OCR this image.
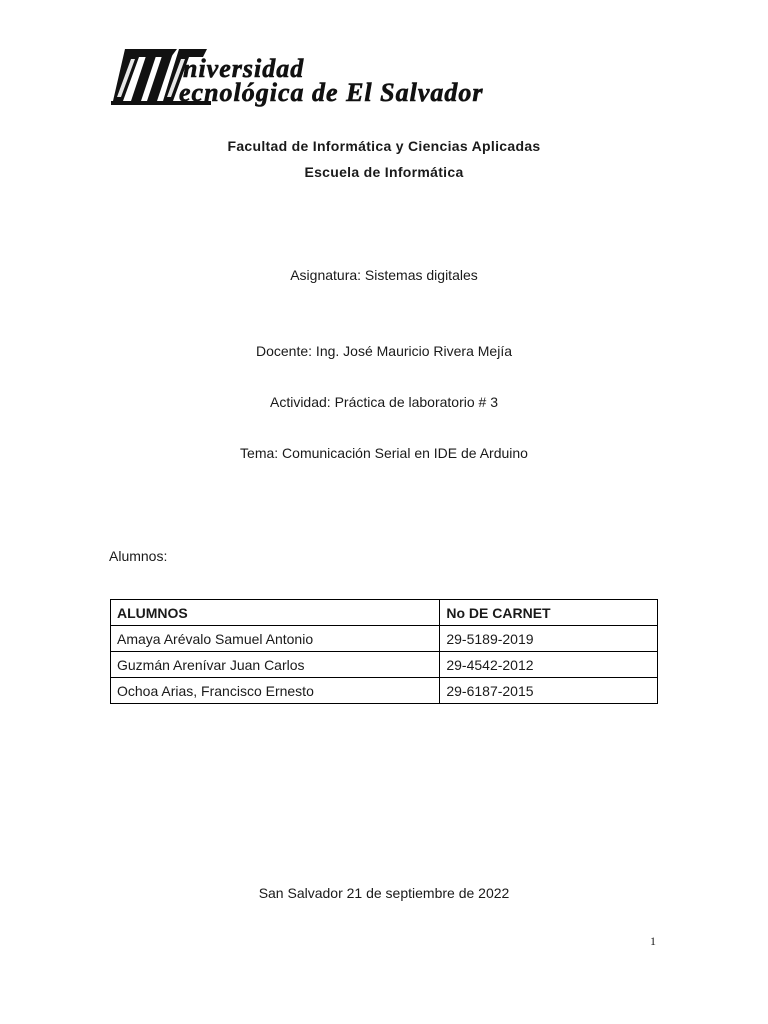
niversidad
ecnológica de El Salvador
Facultad de Informática y Ciencias Aplicadas
Escuela de Informática
Asignatura: Sistemas digitales
Docente: Ing. José Mauricio Rivera Mejía
Actividad: Práctica de laboratorio # 3
Tema: Comunicación Serial en IDE de Arduino
Alumnos:
ALUMNOS	No DE CARNET
Amaya Arévalo Samuel Antonio	29-5189-2019
Guzmán Arenívar Juan Carlos	29-4542-2012
Ochoa Arias, Francisco Ernesto	29-6187-2015
San Salvador 21 de septiembre de 2022
1
